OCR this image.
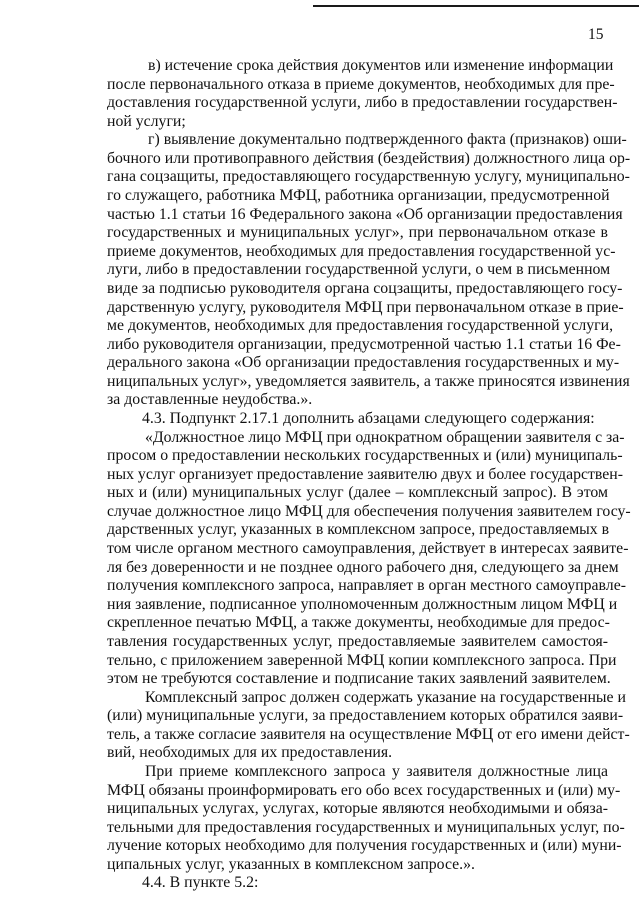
15
в) истечение срока действия документов или изменение информации
после первоначального отказа в приеме документов, необходимых для пре-
доставления государственной услуги, либо в предоставлении государствен-
ной услуги;
г) выявление документально подтвержденного факта (признаков) оши-
бочного или противоправного действия (бездействия) должностного лица ор-
гана соцзащиты, предоставляющего государственную услугу, муниципально-
го служащего, работника МФЦ, работника организации, предусмотренной
частью 1.1 статьи 16 Федерального закона «Об организации предоставления
государственных и муниципальных услуг», при первоначальном отказе в
приеме документов, необходимых для предоставления государственной ус-
луги, либо в предоставлении государственной услуги, о чем в письменном
виде за подписью руководителя органа соцзащиты, предоставляющего госу-
дарственную услугу, руководителя МФЦ при первоначальном отказе в прие-
ме документов, необходимых для предоставления государственной услуги,
либо руководителя организации, предусмотренной частью 1.1 статьи 16 Фе-
дерального закона «Об организации предоставления государственных и му-
ниципальных услуг», уведомляется заявитель, а также приносятся извинения
за доставленные неудобства.».
4.3. Подпункт 2.17.1 дополнить абзацами следующего содержания:
«Должностное лицо МФЦ при однократном обращении заявителя с за-
просом о предоставлении нескольких государственных и (или) муниципаль-
ных услуг организует предоставление заявителю двух и более государствен-
ных и (или) муниципальных услуг (далее – комплексный запрос). В этом
случае должностное лицо МФЦ для обеспечения получения заявителем госу-
дарственных услуг, указанных в комплексном запросе, предоставляемых в
том числе органом местного самоуправления, действует в интересах заявите-
ля без доверенности и не позднее одного рабочего дня, следующего за днем
получения комплексного запроса, направляет в орган местного самоуправле-
ния заявление, подписанное уполномоченным должностным лицом МФЦ и
скрепленное печатью МФЦ, а также документы, необходимые для предос-
тавления государственных услуг, предоставляемые заявителем самостоя-
тельно, с приложением заверенной МФЦ копии комплексного запроса. При
этом не требуются составление и подписание таких заявлений заявителем.
Комплексный запрос должен содержать указание на государственные и
(или) муниципальные услуги, за предоставлением которых обратился заяви-
тель, а также согласие заявителя на осуществление МФЦ от его имени дейст-
вий, необходимых для их предоставления.
При приеме комплексного запроса у заявителя должностные лица
МФЦ обязаны проинформировать его обо всех государственных и (или) му-
ниципальных услугах, услугах, которые являются необходимыми и обяза-
тельными для предоставления государственных и муниципальных услуг, по-
лучение которых необходимо для получения государственных и (или) муни-
ципальных услуг, указанных в комплексном запросе.».
4.4. В пункте 5.2:
